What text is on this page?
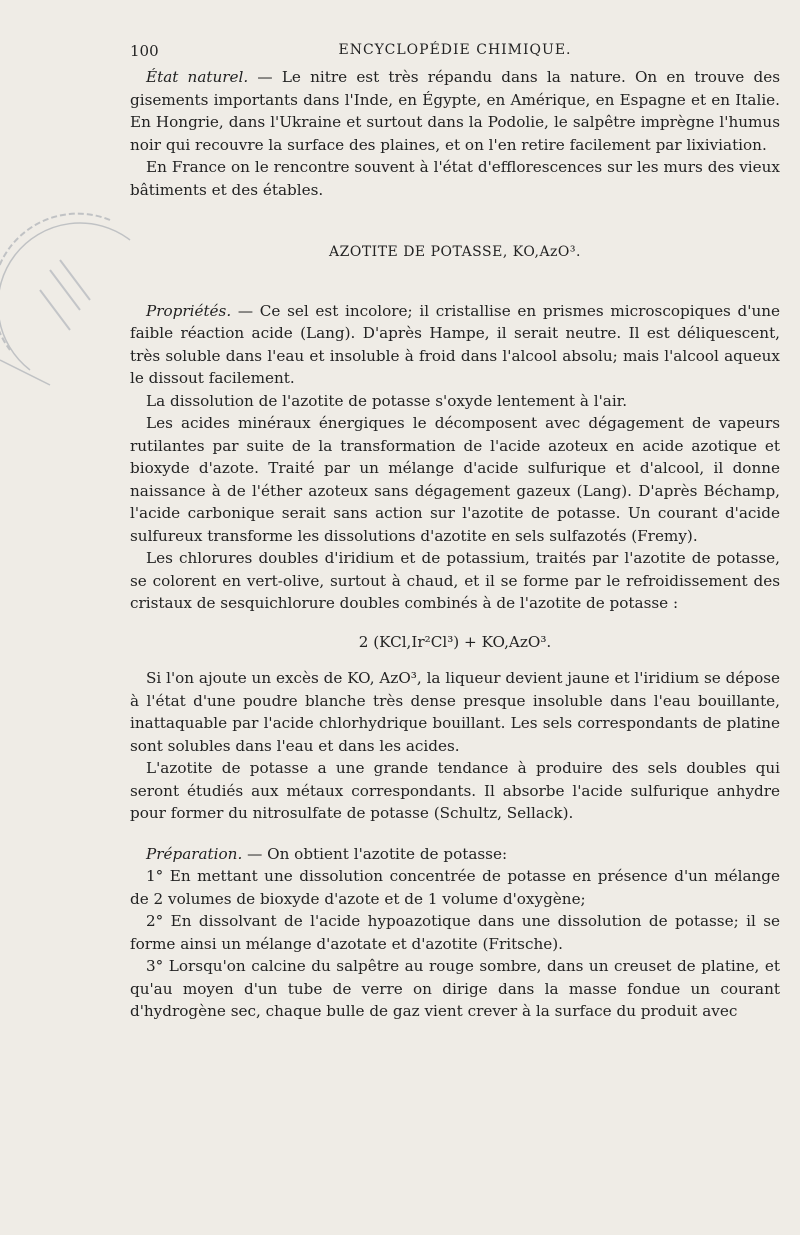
100	ENCYCLOPÉDIE CHIMIQUE.

État naturel. — Le nitre est très répandu dans la nature. On en trouve des gisements importants dans l'Inde, en Égypte, en Amérique, en Espagne et en Italie. En Hongrie, dans l'Ukraine et surtout dans la Podolie, le salpêtre imprègne l'humus noir qui recouvre la surface des plaines, et on l'en retire facilement par lixiviation.

En France on le rencontre souvent à l'état d'efflorescences sur les murs des vieux bâtiments et des étables.

AZOTITE DE POTASSE, KO,AzO³.

Propriétés. — Ce sel est incolore; il cristallise en prismes microscopiques d'une faible réaction acide (Lang). D'après Hampe, il serait neutre. Il est déliquescent, très soluble dans l'eau et insoluble à froid dans l'alcool absolu; mais l'alcool aqueux le dissout facilement.

La dissolution de l'azotite de potasse s'oxyde lentement à l'air.

Les acides minéraux énergiques le décomposent avec dégagement de vapeurs rutilantes par suite de la transformation de l'acide azoteux en acide azotique et bioxyde d'azote. Traité par un mélange d'acide sulfurique et d'alcool, il donne naissance à de l'éther azoteux sans dégagement gazeux (Lang). D'après Béchamp, l'acide carbonique serait sans action sur l'azotite de potasse. Un courant d'acide sulfureux transforme les dissolutions d'azotite en sels sulfazotés (Fremy).

Les chlorures doubles d'iridium et de potassium, traités par l'azotite de potasse, se colorent en vert-olive, surtout à chaud, et il se forme par le refroidissement des cristaux de sesquichlorure doubles combinés à de l'azotite de potasse :

2 (KCl,Ir²Cl³) + KO,AzO³.

Si l'on ajoute un excès de KO, AzO³, la liqueur devient jaune et l'iridium se dépose à l'état d'une poudre blanche très dense presque insoluble dans l'eau bouillante, inattaquable par l'acide chlorhydrique bouillant. Les sels correspondants de platine sont solubles dans l'eau et dans les acides.

L'azotite de potasse a une grande tendance à produire des sels doubles qui seront étudiés aux métaux correspondants. Il absorbe l'acide sulfurique anhydre pour former du nitrosulfate de potasse (Schultz, Sellack).

Préparation. — On obtient l'azotite de potasse:

1° En mettant une dissolution concentrée de potasse en présence d'un mélange de 2 volumes de bioxyde d'azote et de 1 volume d'oxygène;

2° En dissolvant de l'acide hypoazotique dans une dissolution de potasse; il se forme ainsi un mélange d'azotate et d'azotite (Fritsche).

3° Lorsqu'on calcine du salpêtre au rouge sombre, dans un creuset de platine, et qu'au moyen d'un tube de verre on dirige dans la masse fondue un courant d'hydrogène sec, chaque bulle de gaz vient crever à la surface du produit avec
